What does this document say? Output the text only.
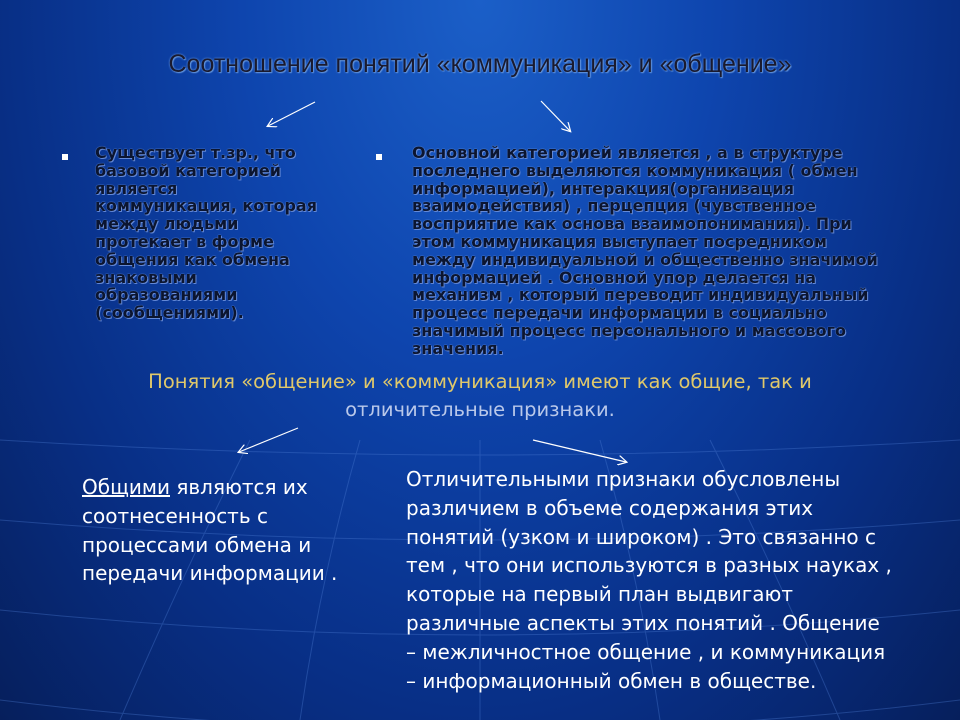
Соотношение понятий «коммуникация» и «общение»
Существует т.зр., что
базовой категорией
является
коммуникация, которая
между людьми
протекает в форме
общения как обмена
знаковыми
образованиями
(сообщениями).
Основной категорией является , а в структуре
последнего выделяются коммуникация ( обмен
информацией), интеракция(организация
взаимодействия) , перцепция (чувственное
восприятие как основа взаимопонимания). При
этом коммуникация выступает посредником
между индивидуальной и общественно значимой
информацией . Основной упор делается на
механизм , который переводит индивидуальный
процесс передачи информации в социально
значимый процесс персонального и массового
значения.
Понятия «общение» и «коммуникация» имеют как общие, так и
отличительные признаки.
Общими являются их
соотнесенность с
процессами обмена и
передачи информации .
Отличительными признаки обусловлены
различием в объеме содержания этих
понятий (узком и широком) . Это связанно с
тем , что они используются в разных науках ,
которые на первый план выдвигают
различные аспекты этих понятий . Общение
– межличностное общение , и коммуникация
– информационный обмен в обществе.
